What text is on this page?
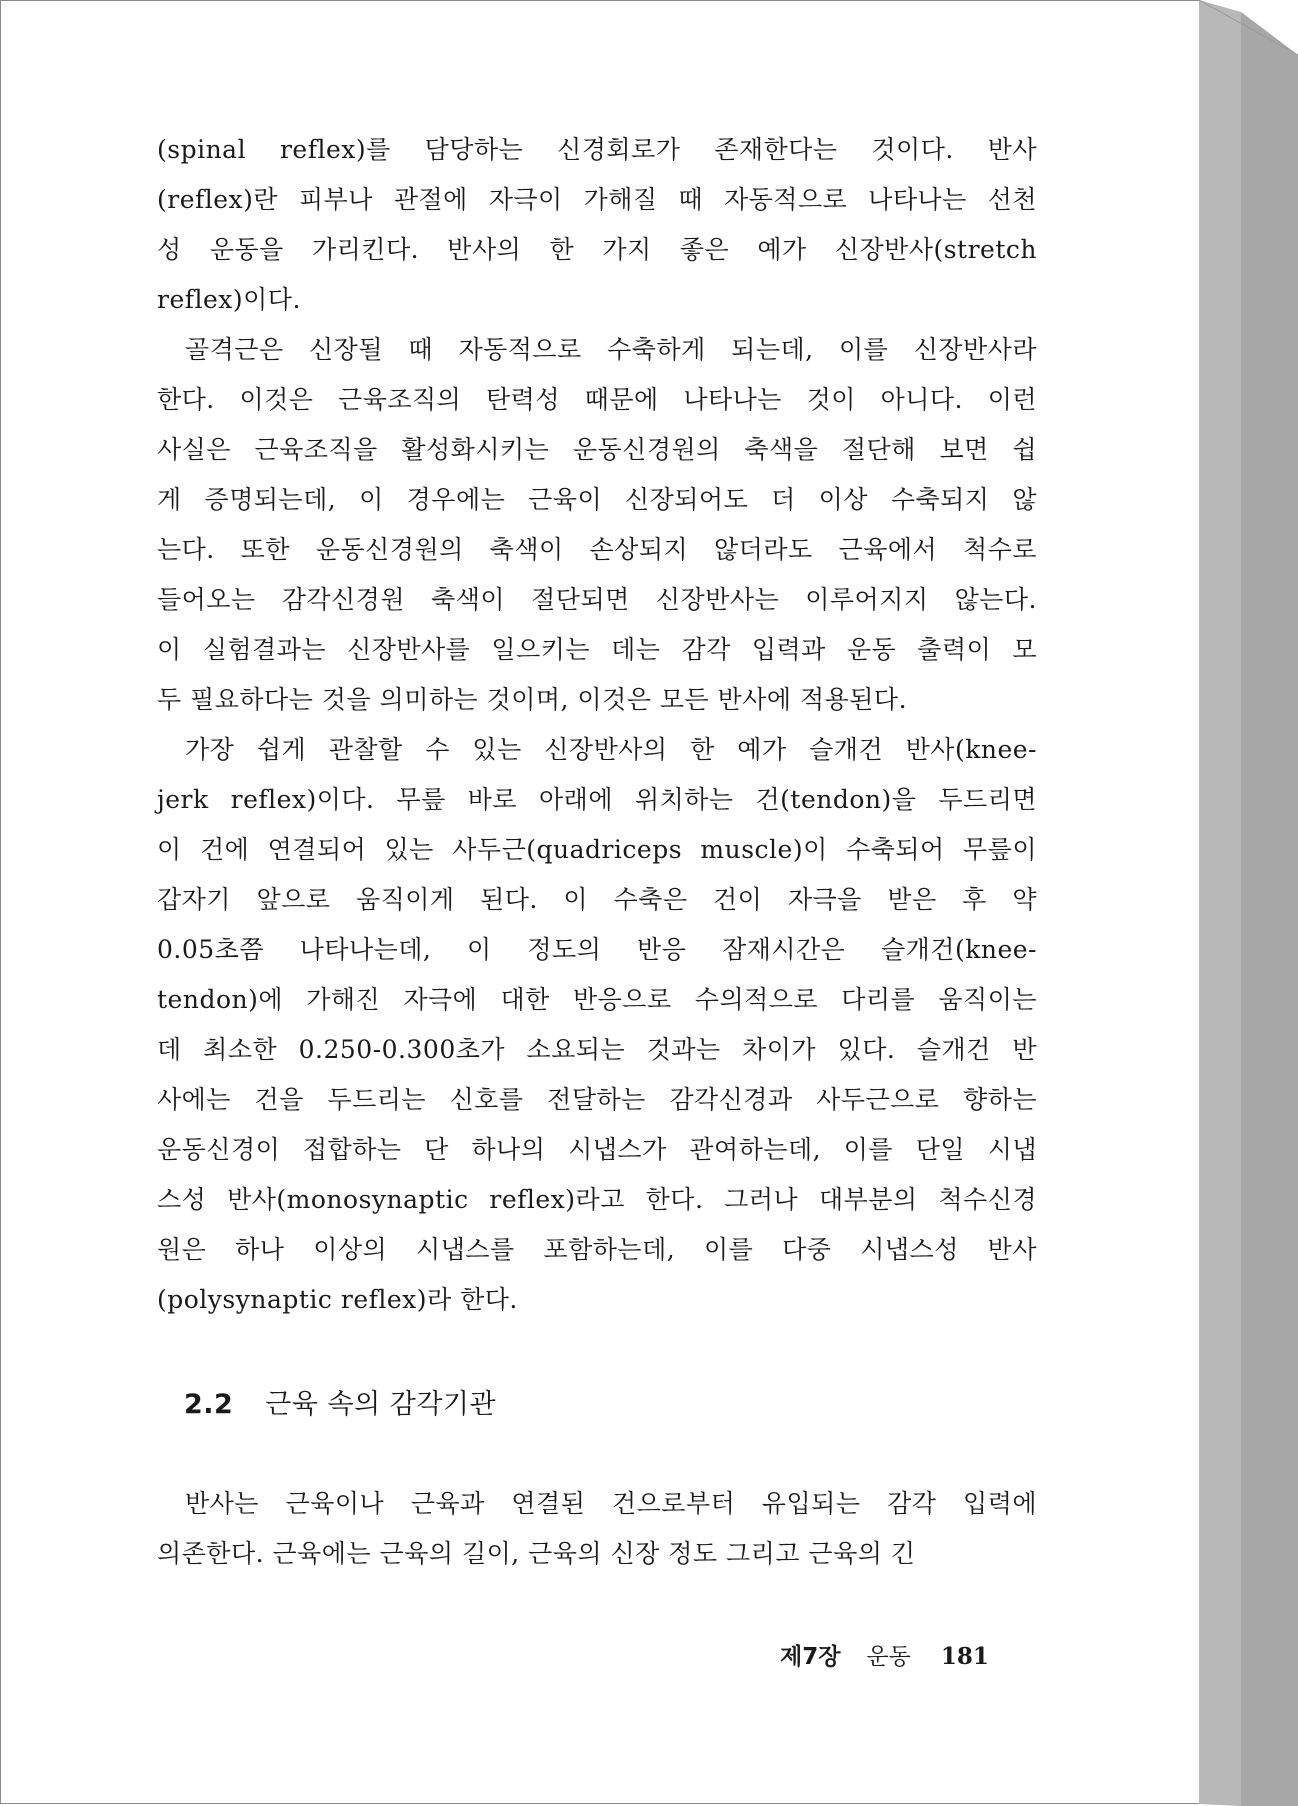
(spinal reflex)를 담당하는 신경회로가 존재한다는 것이다. 반사
(reflex)란 피부나 관절에 자극이 가해질 때 자동적으로 나타나는 선천
성 운동을 가리킨다. 반사의 한 가지 좋은 예가 신장반사(stretch
reflex)이다.
골격근은 신장될 때 자동적으로 수축하게 되는데, 이를 신장반사라
한다. 이것은 근육조직의 탄력성 때문에 나타나는 것이 아니다. 이런
사실은 근육조직을 활성화시키는 운동신경원의 축색을 절단해 보면 쉽
게 증명되는데, 이 경우에는 근육이 신장되어도 더 이상 수축되지 않
는다. 또한 운동신경원의 축색이 손상되지 않더라도 근육에서 척수로
들어오는 감각신경원 축색이 절단되면 신장반사는 이루어지지 않는다.
이 실험결과는 신장반사를 일으키는 데는 감각 입력과 운동 출력이 모
두 필요하다는 것을 의미하는 것이며, 이것은 모든 반사에 적용된다.
가장 쉽게 관찰할 수 있는 신장반사의 한 예가 슬개건 반사(knee-
jerk reflex)이다. 무릎 바로 아래에 위치하는 건(tendon)을 두드리면
이 건에 연결되어 있는 사두근(quadriceps muscle)이 수축되어 무릎이
갑자기 앞으로 움직이게 된다. 이 수축은 건이 자극을 받은 후 약
0.05초쯤 나타나는데, 이 정도의 반응 잠재시간은 슬개건(knee-
tendon)에 가해진 자극에 대한 반응으로 수의적으로 다리를 움직이는
데 최소한 0.250-0.300초가 소요되는 것과는 차이가 있다. 슬개건 반
사에는 건을 두드리는 신호를 전달하는 감각신경과 사두근으로 향하는
운동신경이 접합하는 단 하나의 시냅스가 관여하는데, 이를 단일 시냅
스성 반사(monosynaptic reflex)라고 한다. 그러나 대부분의 척수신경
원은 하나 이상의 시냅스를 포함하는데, 이를 다중 시냅스성 반사
(polysynaptic reflex)라 한다.
2.2 근육 속의 감각기관
반사는 근육이나 근육과 연결된 건으로부터 유입되는 감각 입력에
의존한다. 근육에는 근육의 길이, 근육의 신장 정도 그리고 근육의 긴
제7장 운동 181
